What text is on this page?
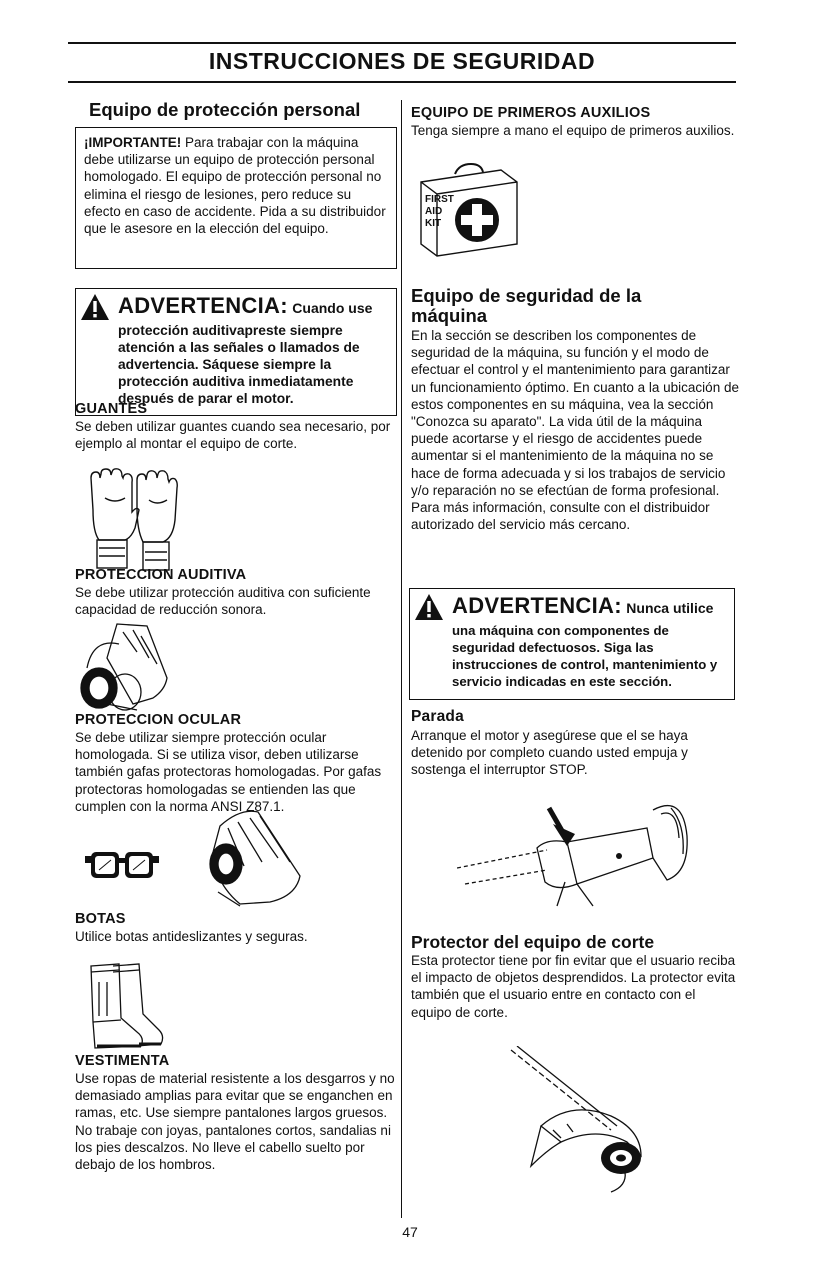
INSTRUCCIONES DE SEGURIDAD
Equipo de protección personal
¡IMPORTANTE! Para trabajar con la máquina debe utilizarse un equipo de protección personal homologado. El equipo de protección personal no elimina el riesgo de lesiones, pero reduce su efecto en caso de accidente. Pida a su distribuidor que le asesore en la elección del equipo.
ADVERTENCIA: Cuando use
protección auditivapreste siempre atención a las señales o llamados de advertencia. Sáquese siempre la protección auditiva inmediatamente después de parar el motor.
GUANTES
Se deben utilizar guantes cuando sea necesario, por ejemplo al montar el equipo de corte.
PROTECCION AUDITIVA
Se debe utilizar protección auditiva con suficiente capacidad de reducción sonora.
PROTECCION OCULAR
Se debe utilizar siempre protección ocular homologada. Si se utiliza visor, deben utilizarse también gafas protectoras homologadas. Por gafas protectoras homologadas se entienden las que cumplen con la norma ANSI Z87.1.
BOTAS
Utilice botas antideslizantes y seguras.
VESTIMENTA
Use ropas de material resistente a los desgarros y no demasiado amplias para evitar que se enganchen en ramas, etc. Use siempre pantalones largos gruesos. No trabaje con joyas, pantalones cortos, sandalias ni los pies descalzos. No lleve el cabello suelto por debajo de los hombros.
EQUIPO DE PRIMEROS AUXILIOS
Tenga siempre a mano el equipo de primeros auxilios.
FIRST
AID
KIT
Equipo de seguridad de la máquina
En la sección se describen los componentes de seguridad de la máquina, su función y el modo de efectuar el control y el mantenimiento para garantizar un funcionamiento óptimo. En cuanto a la ubicación de estos componentes en su máquina, vea la sección "Conozca su aparato". La vida útil de la máquina puede acortarse y el riesgo de accidentes puede aumentar si el mantenimiento de la máquina no se hace de forma adecuada y si los trabajos de servicio y/o reparación no se efectúan de forma profesional. Para más información, consulte con el distribuidor autorizado del servicio más cercano.
ADVERTENCIA: Nunca utilice
una máquina con componentes de seguridad defectuosos. Siga las instrucciones de control, mantenimiento y servicio indicadas en este sección.
Parada
Arranque el motor y asegúrese que el se haya detenido por completo cuando usted empuja y sostenga el interruptor STOP.
Protector del equipo de corte
Esta protector tiene por fin evitar que el usuario reciba el impacto de objetos desprendidos. La protector evita también que el usuario entre en contacto con el equipo de corte.
47
